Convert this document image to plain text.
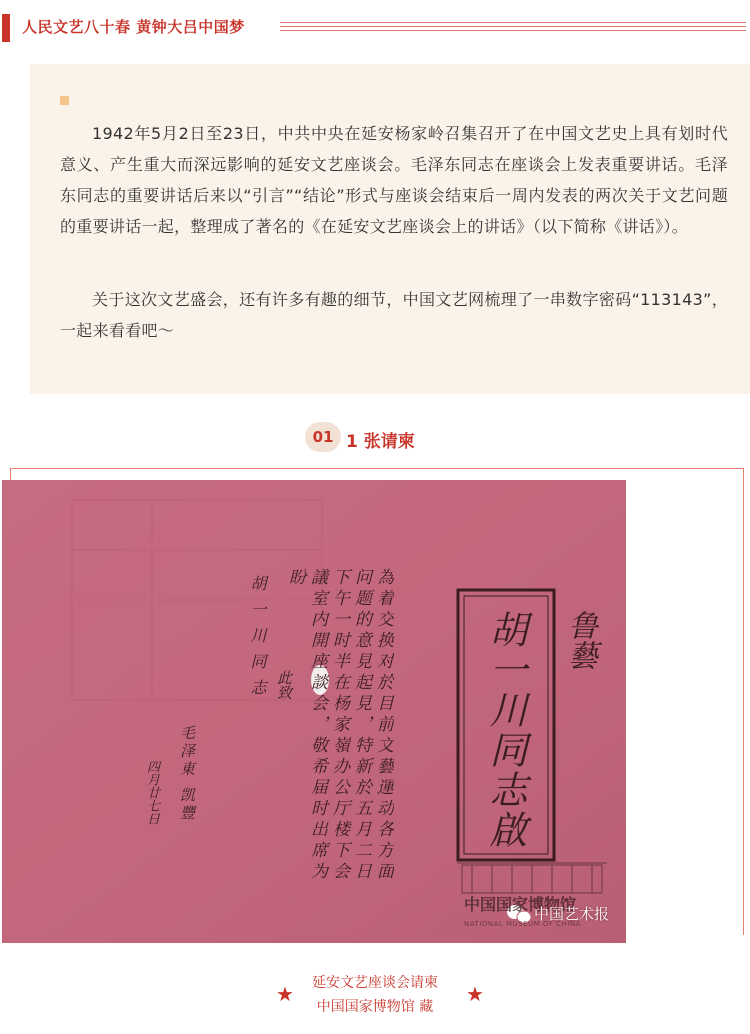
人民文艺八十春 黄钟大吕中国梦

1942年5月2日至23日，中共中央在延安杨家岭召集召开了在中国文艺史上具有划时代意义、产生重大而深远影响的延安文艺座谈会。毛泽东同志在座谈会上发表重要讲话。毛泽东同志的重要讲话后来以“引言”“结论”形式与座谈会结束后一周内发表的两次关于文艺问题的重要讲话一起，整理成了著名的《在延安文艺座谈会上的讲话》（以下简称《讲话》）。

关于这次文艺盛会，还有许多有趣的细节，中国文艺网梳理了一串数字密码“113143”，一起来看看吧～

01 1 张请柬
胡一川同志啟 鲁藝
為着交换对於目前文藝運动各方面问题的意見起見，特新於五月二日下午一时半在杨家嶺办公厅楼下会議室内開座談会，敬希届时出席为盼
胡一川同志 此致
毛泽東 凯豐
四月廿七日
中国国家博物馆
NATIONAL MUSEUM OF CHINA
中国艺术报
★	延安文艺座谈会请柬
中国国家博物馆 藏
★
